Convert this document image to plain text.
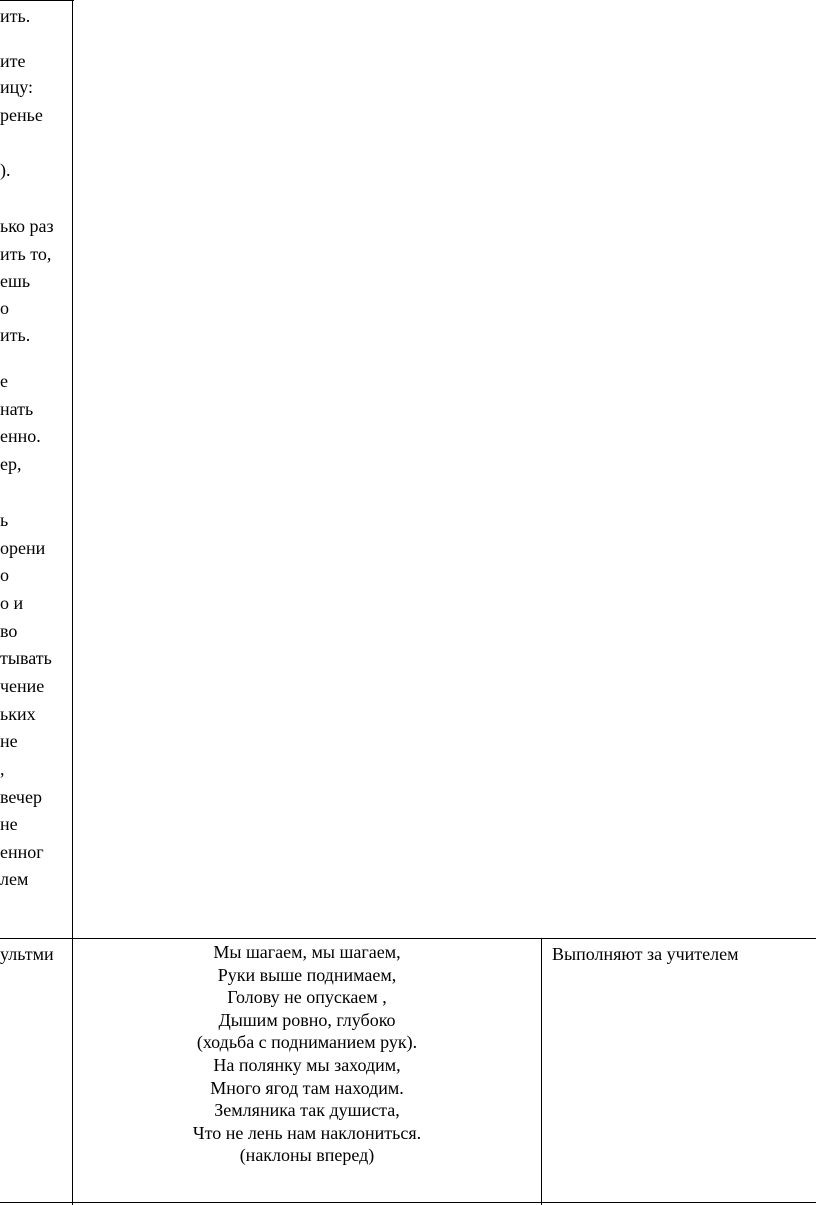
ить.
ите
ицу:
ренье
).
ько раз
ить то,
ешь
о
ить.
е
нать
енно.
ер,
ь
орени
о
о и
во
тывать
чение
ьких
не
,
вечер
не
енног
лем
ультми	Мы шагаем, мы шагаем,
Руки выше поднимаем,
Голову не опускаем ,
Дышим ровно, глубоко
(ходьба с подниманием рук).
На полянку мы заходим,
Много ягод там находим.
Земляника так душиста,
Что не лень нам наклониться.
(наклоны вперед)
Выполняют за учителем
